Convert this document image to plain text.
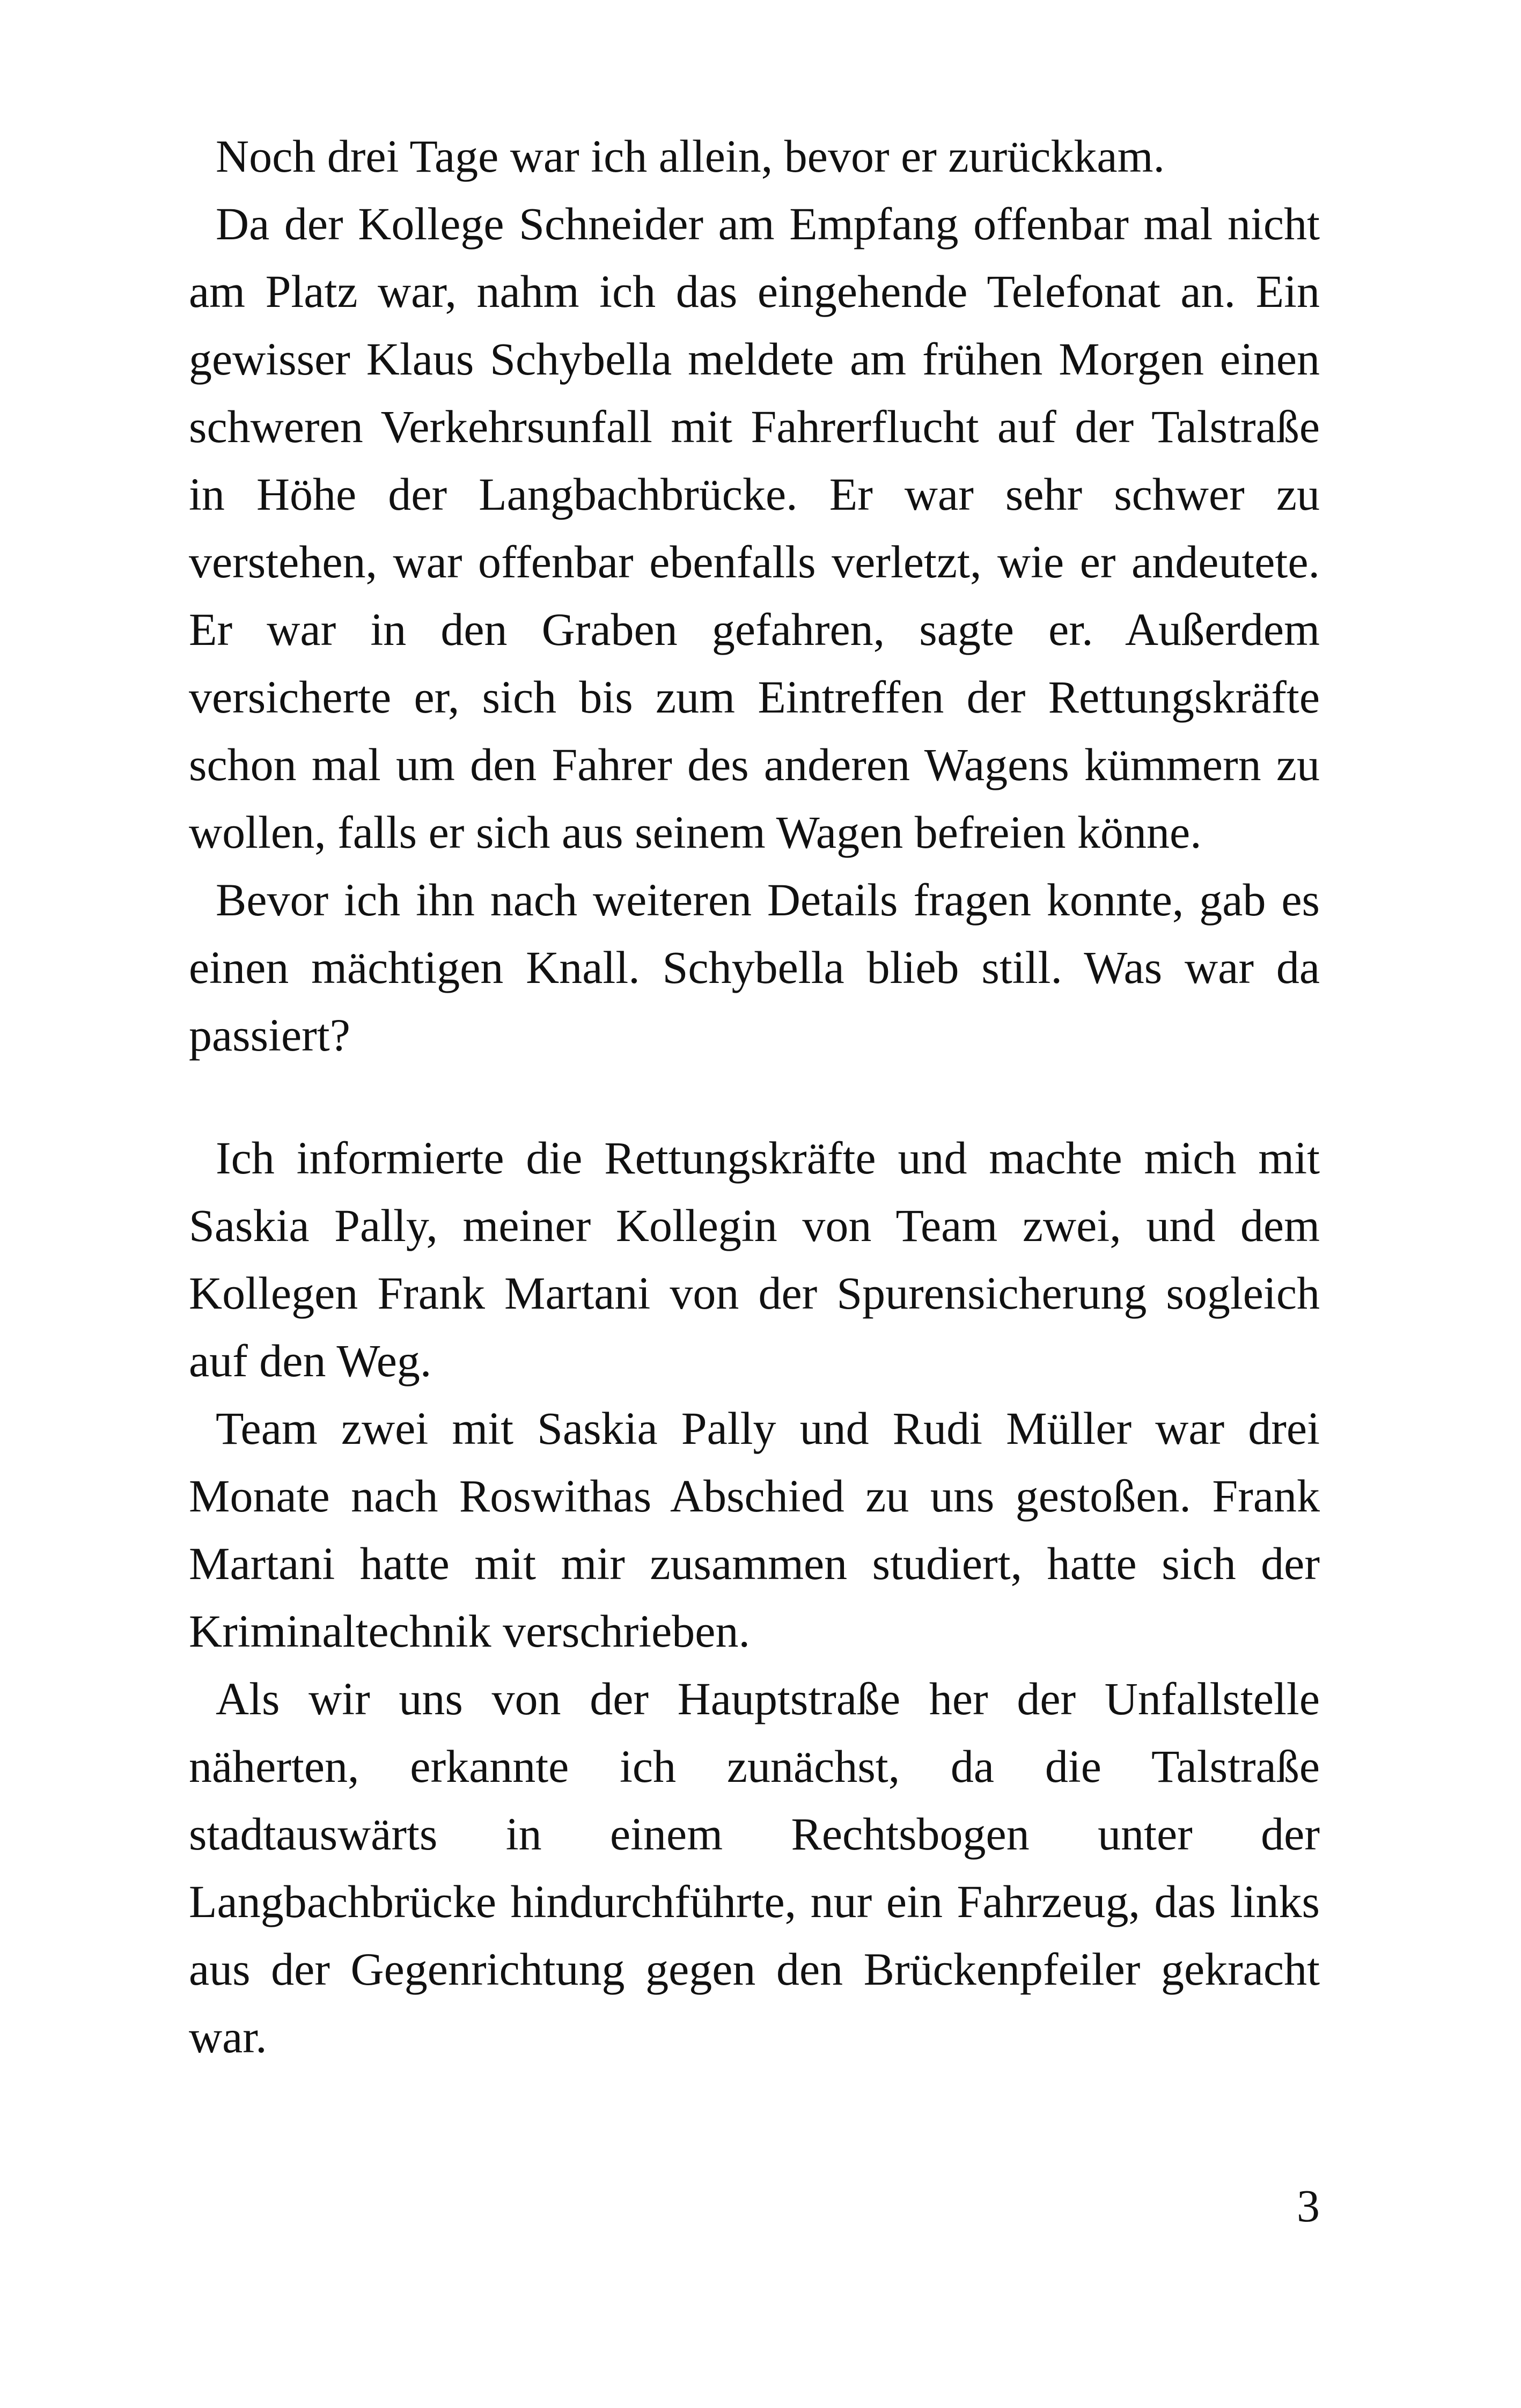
Noch drei Tage war ich allein, bevor er zurückkam.

Da der Kollege Schneider am Empfang offenbar mal nicht am Platz war, nahm ich das eingehende Telefonat an. Ein gewisser Klaus Schybella meldete am frühen Morgen einen schweren Verkehrsunfall mit Fahrerflucht auf der Talstraße in Höhe der Langbachbrücke. Er war sehr schwer zu verstehen, war offenbar ebenfalls verletzt, wie er andeutete. Er war in den Graben gefahren, sagte er. Außerdem versicherte er, sich bis zum Eintreffen der Rettungskräfte schon mal um den Fahrer des anderen Wagens kümmern zu wollen, falls er sich aus seinem Wagen befreien könne.

Bevor ich ihn nach weiteren Details fragen konnte, gab es einen mächtigen Knall. Schybella blieb still. Was war da passiert?

Ich informierte die Rettungskräfte und machte mich mit Saskia Pally, meiner Kollegin von Team zwei, und dem Kollegen Frank Martani von der Spurensicherung sogleich auf den Weg.

Team zwei mit Saskia Pally und Rudi Müller war drei Monate nach Roswithas Abschied zu uns gestoßen. Frank Martani hatte mit mir zusammen studiert, hatte sich der Kriminaltechnik verschrieben.

Als wir uns von der Hauptstraße her der Unfallstelle näherten, erkannte ich zunächst, da die Talstraße stadtauswärts in einem Rechtsbogen unter der Langbachbrücke hindurchführte, nur ein Fahrzeug, das links aus der Gegenrichtung gegen den Brückenpfeiler gekracht war.

3
